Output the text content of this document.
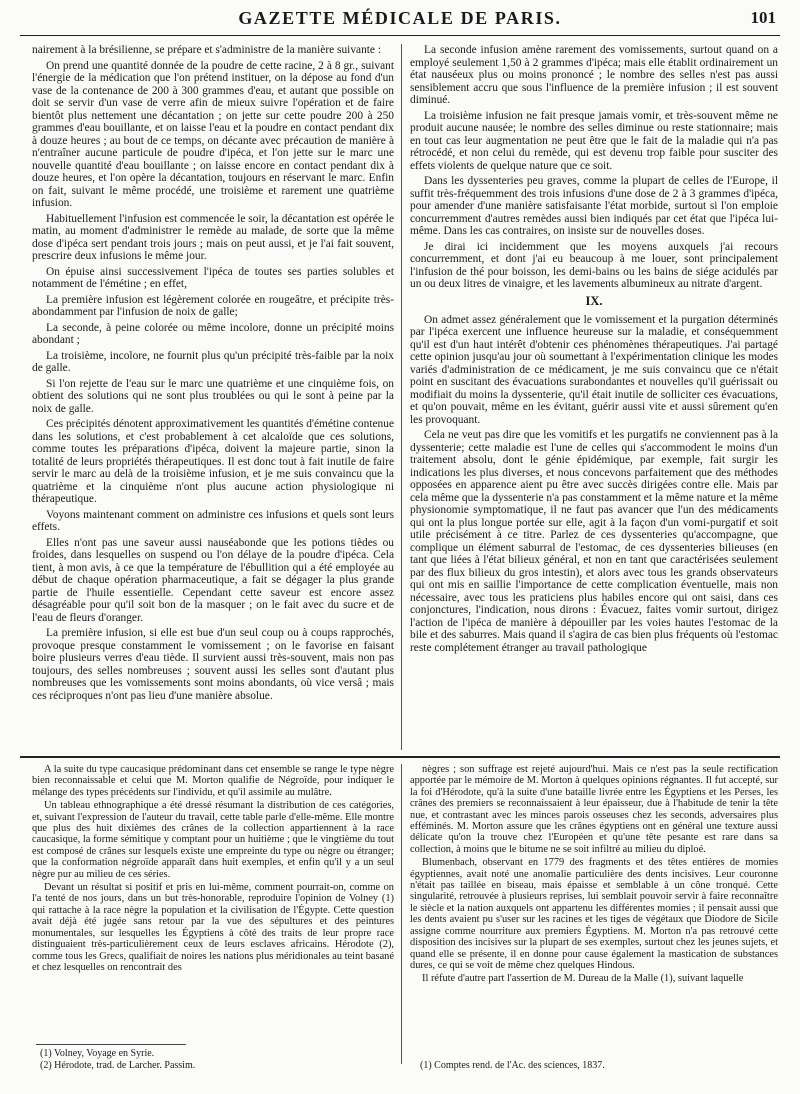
GAZETTE MÉDICALE DE PARIS.	101

nairement à la brésilienne, se prépare et s'administre de la manière suivante :

On prend une quantité donnée de la poudre de cette racine, 2 à 8 gr., suivant l'énergie de la médication que l'on prétend instituer, on la dépose au fond d'un vase de la contenance de 200 à 300 grammes d'eau, et autant que possible on doit se servir d'un vase de verre afin de mieux suivre l'opération et de faire bientôt plus nettement une décantation ; on jette sur cette poudre 200 à 250 grammes d'eau bouillante, et on laisse l'eau et la poudre en contact pendant dix à douze heures ; au bout de ce temps, on décante avec précaution de manière à n'entraîner aucune particule de poudre d'ipéca, et l'on jette sur le marc une nouvelle quantité d'eau bouillante ; on laisse encore en contact pendant dix à douze heures, et l'on opère la décantation, toujours en réservant le marc. Enfin on fait, suivant le même procédé, une troisième et rarement une quatrième infusion.

Habituellement l'infusion est commencée le soir, la décantation est opérée le matin, au moment d'administrer le remède au malade, de sorte que la même dose d'ipéca sert pendant trois jours ; mais on peut aussi, et je l'ai fait souvent, prescrire deux infusions le même jour.

On épuise ainsi successivement l'ipéca de toutes ses parties solubles et notamment de l'émétine ; en effet,

La première infusion est légèrement colorée en rougeâtre, et précipite très-abondamment par l'infusion de noix de galle;

La seconde, à peine colorée ou même incolore, donne un précipité moins abondant ;

La troisième, incolore, ne fournit plus qu'un précipité très-faible par la noix de galle.

Si l'on rejette de l'eau sur le marc une quatrième et une cinquième fois, on obtient des solutions qui ne sont plus troublées ou qui le sont à peine par la noix de galle.

Ces précipités dénotent approximativement les quantités d'émétine contenue dans les solutions, et c'est probablement à cet alcaloïde que ces solutions, comme toutes les préparations d'ipéca, doivent la majeure partie, sinon la totalité de leurs propriétés thérapeutiques. Il est donc tout à fait inutile de faire servir le marc au delà de la troisième infusion, et je me suis convaincu que la quatrième et la cinquième n'ont plus aucune action physiologique ni thérapeutique.

Voyons maintenant comment on administre ces infusions et quels sont leurs effets.

Elles n'ont pas une saveur aussi nauséabonde que les potions tièdes ou froides, dans lesquelles on suspend ou l'on délaye de la poudre d'ipéca. Cela tient, à mon avis, à ce que la température de l'ébullition qui a été employée au début de chaque opération pharmaceutique, a fait se dégager la plus grande partie de l'huile essentielle. Cependant cette saveur est encore assez désagréable pour qu'il soit bon de la masquer ; on le fait avec du sucre et de l'eau de fleurs d'oranger.

La première infusion, si elle est bue d'un seul coup ou à coups rapprochés, provoque presque constamment le vomissement ; on le favorise en faisant boire plusieurs verres d'eau tiède. Il survient aussi très-souvent, mais non pas toujours, des selles nombreuses ; souvent aussi les selles sont d'autant plus nombreuses que les vomissements sont moins abondants, où vice versâ ; mais ces réciproques n'ont pas lieu d'une manière absolue.

La seconde infusion amène rarement des vomissements, surtout quand on a employé seulement 1,50 à 2 grammes d'ipéca; mais elle établit ordinairement un état nauséeux plus ou moins prononcé ; le nombre des selles n'est pas aussi sensiblement accru que sous l'influence de la première infusion ; il est souvent diminué.

La troisième infusion ne fait presque jamais vomir, et très-souvent même ne produit aucune nausée; le nombre des selles diminue ou reste stationnaire; mais en tout cas leur augmentation ne peut être que le fait de la maladie qui n'a pas rétrocédé, et non celui du remède, qui est devenu trop faible pour susciter des effets violents de quelque nature que ce soit.

Dans les dyssenteries peu graves, comme la plupart de celles de l'Europe, il suffit très-fréquemment des trois infusions d'une dose de 2 à 3 grammes d'ipéca, pour amender d'une manière satisfaisante l'état morbide, surtout si l'on emploie concurremment d'autres remèdes aussi bien indiqués par cet état que l'ipéca lui-même. Dans les cas contraires, on insiste sur de nouvelles doses.

Je dirai ici incidemment que les moyens auxquels j'ai recours concurremment, et dont j'ai eu beaucoup à me louer, sont principalement l'infusion de thé pour boisson, les demi-bains ou les bains de siége acidulés par un ou deux litres de vinaigre, et les lavements albumineux au nitrate d'argent.

IX.

On admet assez généralement que le vomissement et la purgation déterminés par l'ipéca exercent une influence heureuse sur la maladie, et conséquemment qu'il est d'un haut intérêt d'obtenir ces phénomènes thérapeutiques. J'ai partagé cette opinion jusqu'au jour où soumettant à l'expérimentation clinique les modes variés d'administration de ce médicament, je me suis convaincu que ce n'était point en suscitant des évacuations surabondantes et nouvelles qu'il guérissait ou modifiait du moins la dyssenterie, qu'il était inutile de solliciter ces évacuations, et qu'on pouvait, même en les évitant, guérir aussi vite et aussi sûrement qu'en les provoquant.

Cela ne veut pas dire que les vomitifs et les purgatifs ne conviennent pas à la dyssenterie; cette maladie est l'une de celles qui s'accommodent le moins d'un traitement absolu, dont le génie épidémique, par exemple, fait surgir les indications les plus diverses, et nous concevons parfaitement que des méthodes opposées en apparence aient pu être avec succès dirigées contre elle. Mais par cela même que la dyssenterie n'a pas constamment et la même nature et la même physionomie symptomatique, il ne faut pas avancer que l'un des médicaments qui ont la plus longue portée sur elle, agit à la façon d'un vomi-purgatif et soit utile précisément à ce titre. Parlez de ces dyssenteries qu'accompagne, que complique un élément saburral de l'estomac, de ces dyssenteries bilieuses (en tant que liées à l'état bilieux général, et non en tant que caractérisées seulement par des flux bilieux du gros intestin), et alors avec tous les grands observateurs qui ont mis en saillie l'importance de cette complication éventuelle, mais non nécessaire, avec tous les praticiens plus habiles encore qui ont saisi, dans ces conjonctures, l'indication, nous dirons : Évacuez, faites vomir surtout, dirigez l'action de l'ipéca de manière à dépouiller par les voies hautes l'estomac de la bile et des saburres. Mais quand il s'agira de cas bien plus fréquents où l'estomac reste complétement étranger au travail pathologique

A la suite du type caucasique prédominant dans cet ensemble se range le type nègre bien reconnaissable et celui que M. Morton qualifie de Négroïde, pour indiquer le mélange des types précédents sur l'individu, et qu'il assimile au mulâtre.

Un tableau ethnographique a été dressé résumant la distribution de ces catégories, et, suivant l'expression de l'auteur du travail, cette table parle d'elle-même. Elle montre que plus des huit dixièmes des crânes de la collection appartiennent à la race caucasique, la forme sémitique y comptant pour un huitième ; que le vingtième du tout est composé de crânes sur lesquels existe une empreinte du type ou nègre ou étranger; que la conformation négroïde apparaît dans huit exemples, et enfin qu'il y a un seul nègre pur au milieu de ces séries.

Devant un résultat si positif et pris en lui-même, comment pourrait-on, comme on l'a tenté de nos jours, dans un but très-honorable, reproduire l'opinion de Volney (1) qui rattache à la race nègre la population et la civilisation de l'Égypte. Cette question avait déjà été jugée sans retour par la vue des sépultures et des peintures monumentales, sur lesquelles les Égyptiens à côté des traits de leur propre race distinguaient très-particulièrement ceux de leurs esclaves africains. Hérodote (2), comme tous les Grecs, qualifiait de noires les nations plus méridionales au teint basané et chez lesquelles on rencontrait des

nègres ; son suffrage est rejeté aujourd'hui. Mais ce n'est pas la seule rectification apportée par le mémoire de M. Morton à quelques opinions régnantes. Il fut accepté, sur la foi d'Hérodote, qu'à la suite d'une bataille livrée entre les Égyptiens et les Perses, les crânes des premiers se reconnaissaient à leur épaisseur, due à l'habitude de tenir la tête nue, et contrastant avec les minces parois osseuses chez les seconds, adversaires plus efféminés. M. Morton assure que les crânes égyptiens ont en général une texture aussi délicate qu'on la trouve chez l'Européen et qu'une tête pesante est rare dans sa collection, à moins que le bitume ne se soit infiltré au milieu du diploé.

Blumenbach, observant en 1779 des fragments et des têtes entières de momies égyptiennes, avait noté une anomalie particulière des dents incisives. Leur couronne n'était pas taillée en biseau, mais épaisse et semblable à un cône tronqué. Cette singularité, retrouvée à plusieurs reprises, lui semblait pouvoir servir à faire reconnaître le siècle et la nation auxquels ont appartenu les différentes momies ; il pensait aussi que les dents avaient pu s'user sur les racines et les tiges de végétaux que Diodore de Sicile assigne comme nourriture aux premiers Égyptiens. M. Morton n'a pas retrouvé cette disposition des incisives sur la plupart de ses exemples, surtout chez les jeunes sujets, et quand elle se présente, il en donne pour cause également la mastication de substances dures, ce qui se voit de même chez quelques Hindous.

Il réfute d'autre part l'assertion de M. Dureau de la Malle (1), suivant laquelle

(1) Volney, Voyage en Syrie.
(2) Hérodote, trad. de Larcher. Passim.	(1) Comptes rend. de l'Ac. des sciences, 1837.
